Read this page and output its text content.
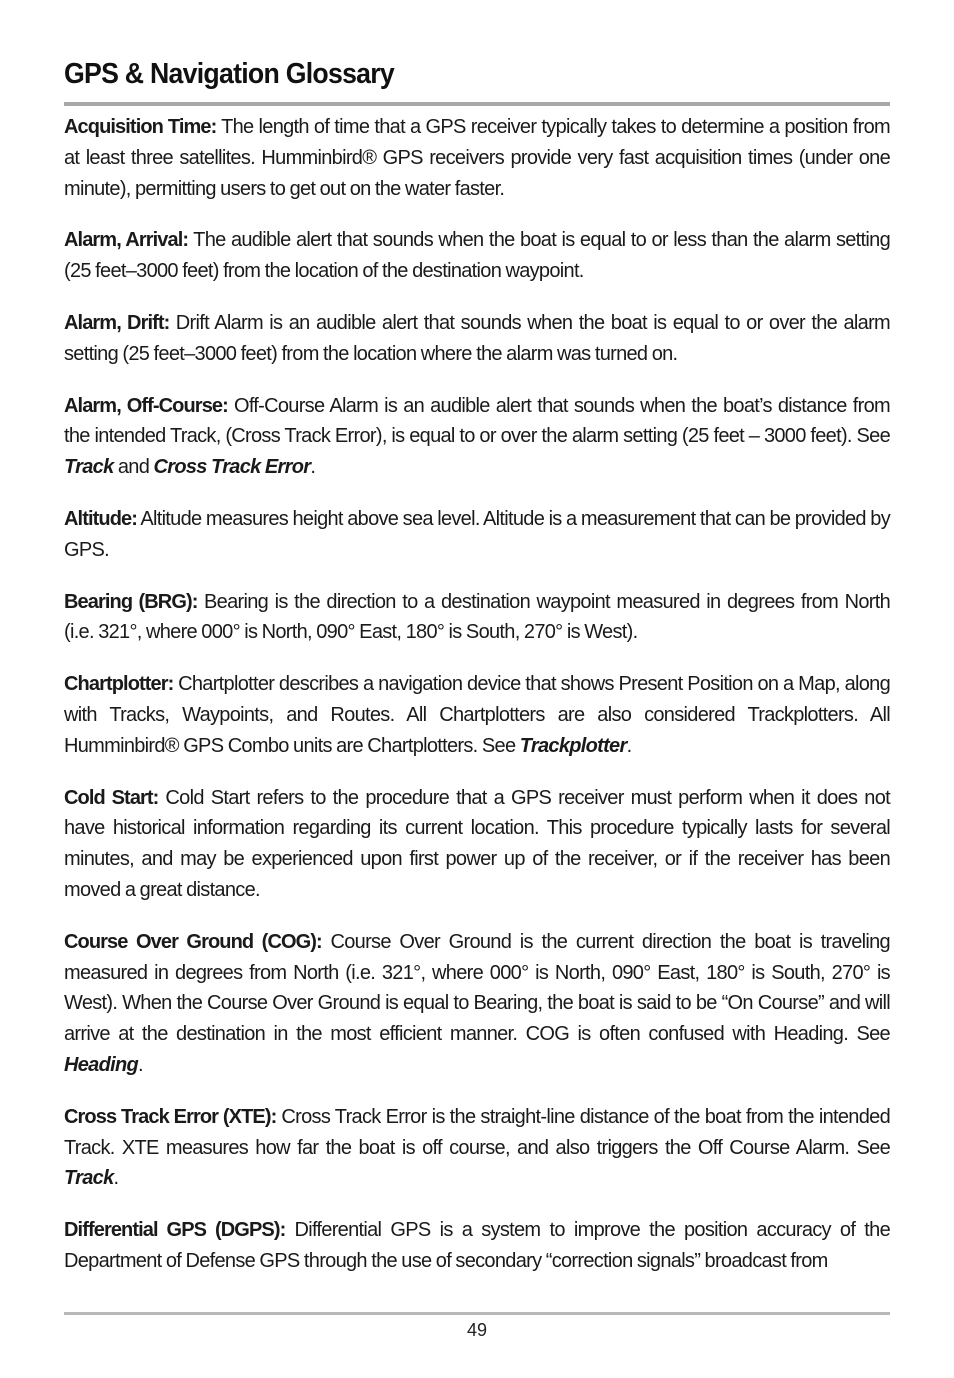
GPS & Navigation Glossary

Acquisition Time: The length of time that a GPS receiver typically takes to determine a position from at least three satellites. Humminbird® GPS receivers provide very fast acquisition times (under one minute), permitting users to get out on the water faster.

Alarm, Arrival: The audible alert that sounds when the boat is equal to or less than the alarm setting (25 feet–3000 feet) from the location of the destination waypoint.

Alarm, Drift: Drift Alarm is an audible alert that sounds when the boat is equal to or over the alarm setting (25 feet–3000 feet) from the location where the alarm was turned on.

Alarm, Off-Course: Off-Course Alarm is an audible alert that sounds when the boat’s distance from the intended Track, (Cross Track Error), is equal to or over the alarm setting (25 feet – 3000 feet). See Track and Cross Track Error.

Altitude: Altitude measures height above sea level. Altitude is a measurement that can be provided by GPS.

Bearing (BRG): Bearing is the direction to a destination waypoint measured in degrees from North (i.e. 321°, where 000° is North, 090° East, 180° is South, 270° is West).

Chartplotter: Chartplotter describes a navigation device that shows Present Position on a Map, along with Tracks, Waypoints, and Routes. All Chartplotters are also considered Trackplotters. All Humminbird® GPS Combo units are Chartplotters. See Trackplotter.

Cold Start: Cold Start refers to the procedure that a GPS receiver must perform when it does not have historical information regarding its current location. This procedure typically lasts for several minutes, and may be experienced upon first power up of the receiver, or if the receiver has been moved a great distance.

Course Over Ground (COG): Course Over Ground is the current direction the boat is traveling measured in degrees from North (i.e. 321°, where 000° is North, 090° East, 180° is South, 270° is West). When the Course Over Ground is equal to Bearing, the boat is said to be “On Course” and will arrive at the destination in the most efficient manner. COG is often confused with Heading. See Heading.

Cross Track Error (XTE): Cross Track Error is the straight-line distance of the boat from the intended Track. XTE measures how far the boat is off course, and also triggers the Off Course Alarm. See Track.

Differential GPS (DGPS): Differential GPS is a system to improve the position accuracy of the Department of Defense GPS through the use of secondary “correction signals” broadcast from

49
